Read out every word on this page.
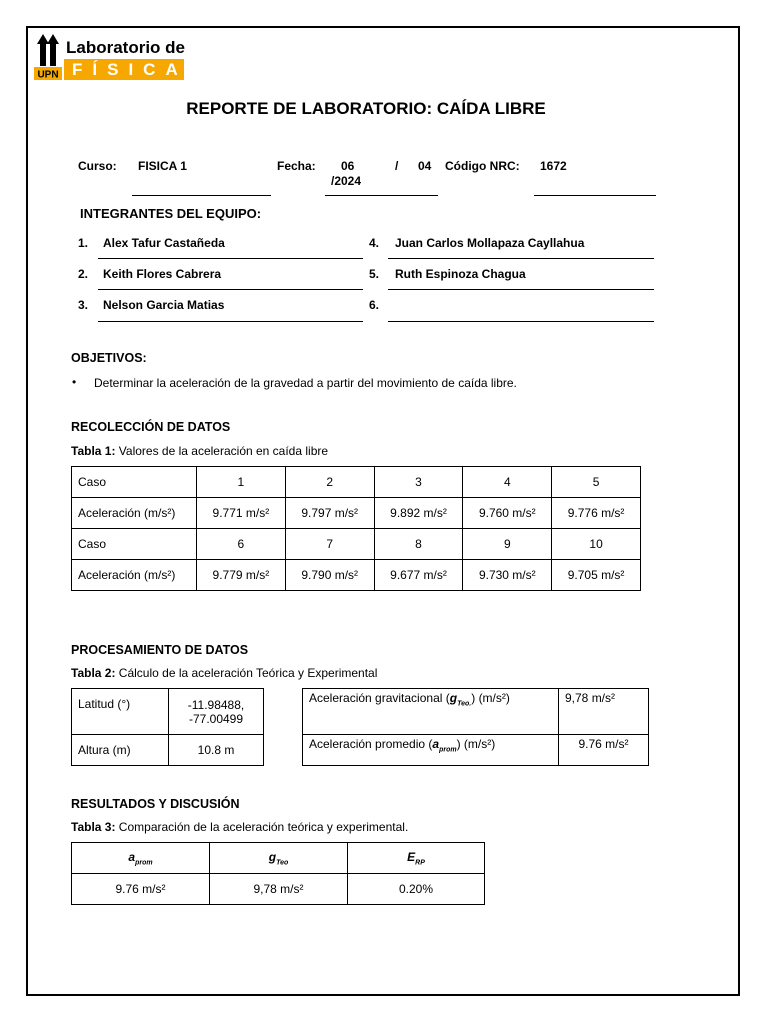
UPN
Laboratorio de
FÍSICA
REPORTE DE LABORATORIO: CAÍDA LIBRE
Curso: FISICA 1	Fecha: 06	/ 04
/2024
Código NRC: 1672
INTEGRANTES DEL EQUIPO:
1. Alex Tafur Castañeda
2. Keith Flores Cabrera
3. Nelson Garcia Matias
4. Juan Carlos Mollapaza Cayllahua
5. Ruth Espinoza Chagua
6.
OBJETIVOS:
• Determinar la aceleración de la gravedad a partir del movimiento de caída libre.
RECOLECCIÓN DE DATOS
Tabla 1: Valores de la aceleración en caída libre
Caso	1	2	3	4	5
Aceleración (m/s²)	9.771 m/s²	9.797 m/s²	9.892 m/s²	9.760 m/s²	9.776 m/s²
Caso	6	7	8	9	10
Aceleración (m/s²)	9.779 m/s²	9.790 m/s²	9.677 m/s²	9.730 m/s²	9.705 m/s²
PROCESAMIENTO DE DATOS
Tabla 2: Cálculo de la aceleración Teórica y Experimental
Latitud (°)	-11.98488, -77.00499
Altura (m)	10.8 m
Aceleración gravitacional $(g_{Teo.})$ (m/s²)	9,78 m/s²
Aceleración promedio $(a_{prom})$ (m/s²)	9.76 m/s²
RESULTADOS Y DISCUSIÓN
Tabla 3: Comparación de la aceleración teórica y experimental.
$a_{prom}$	$g_{Teo}$	$E_{RP}$
9.76 m/s²	9,78 m/s²	0.20%
